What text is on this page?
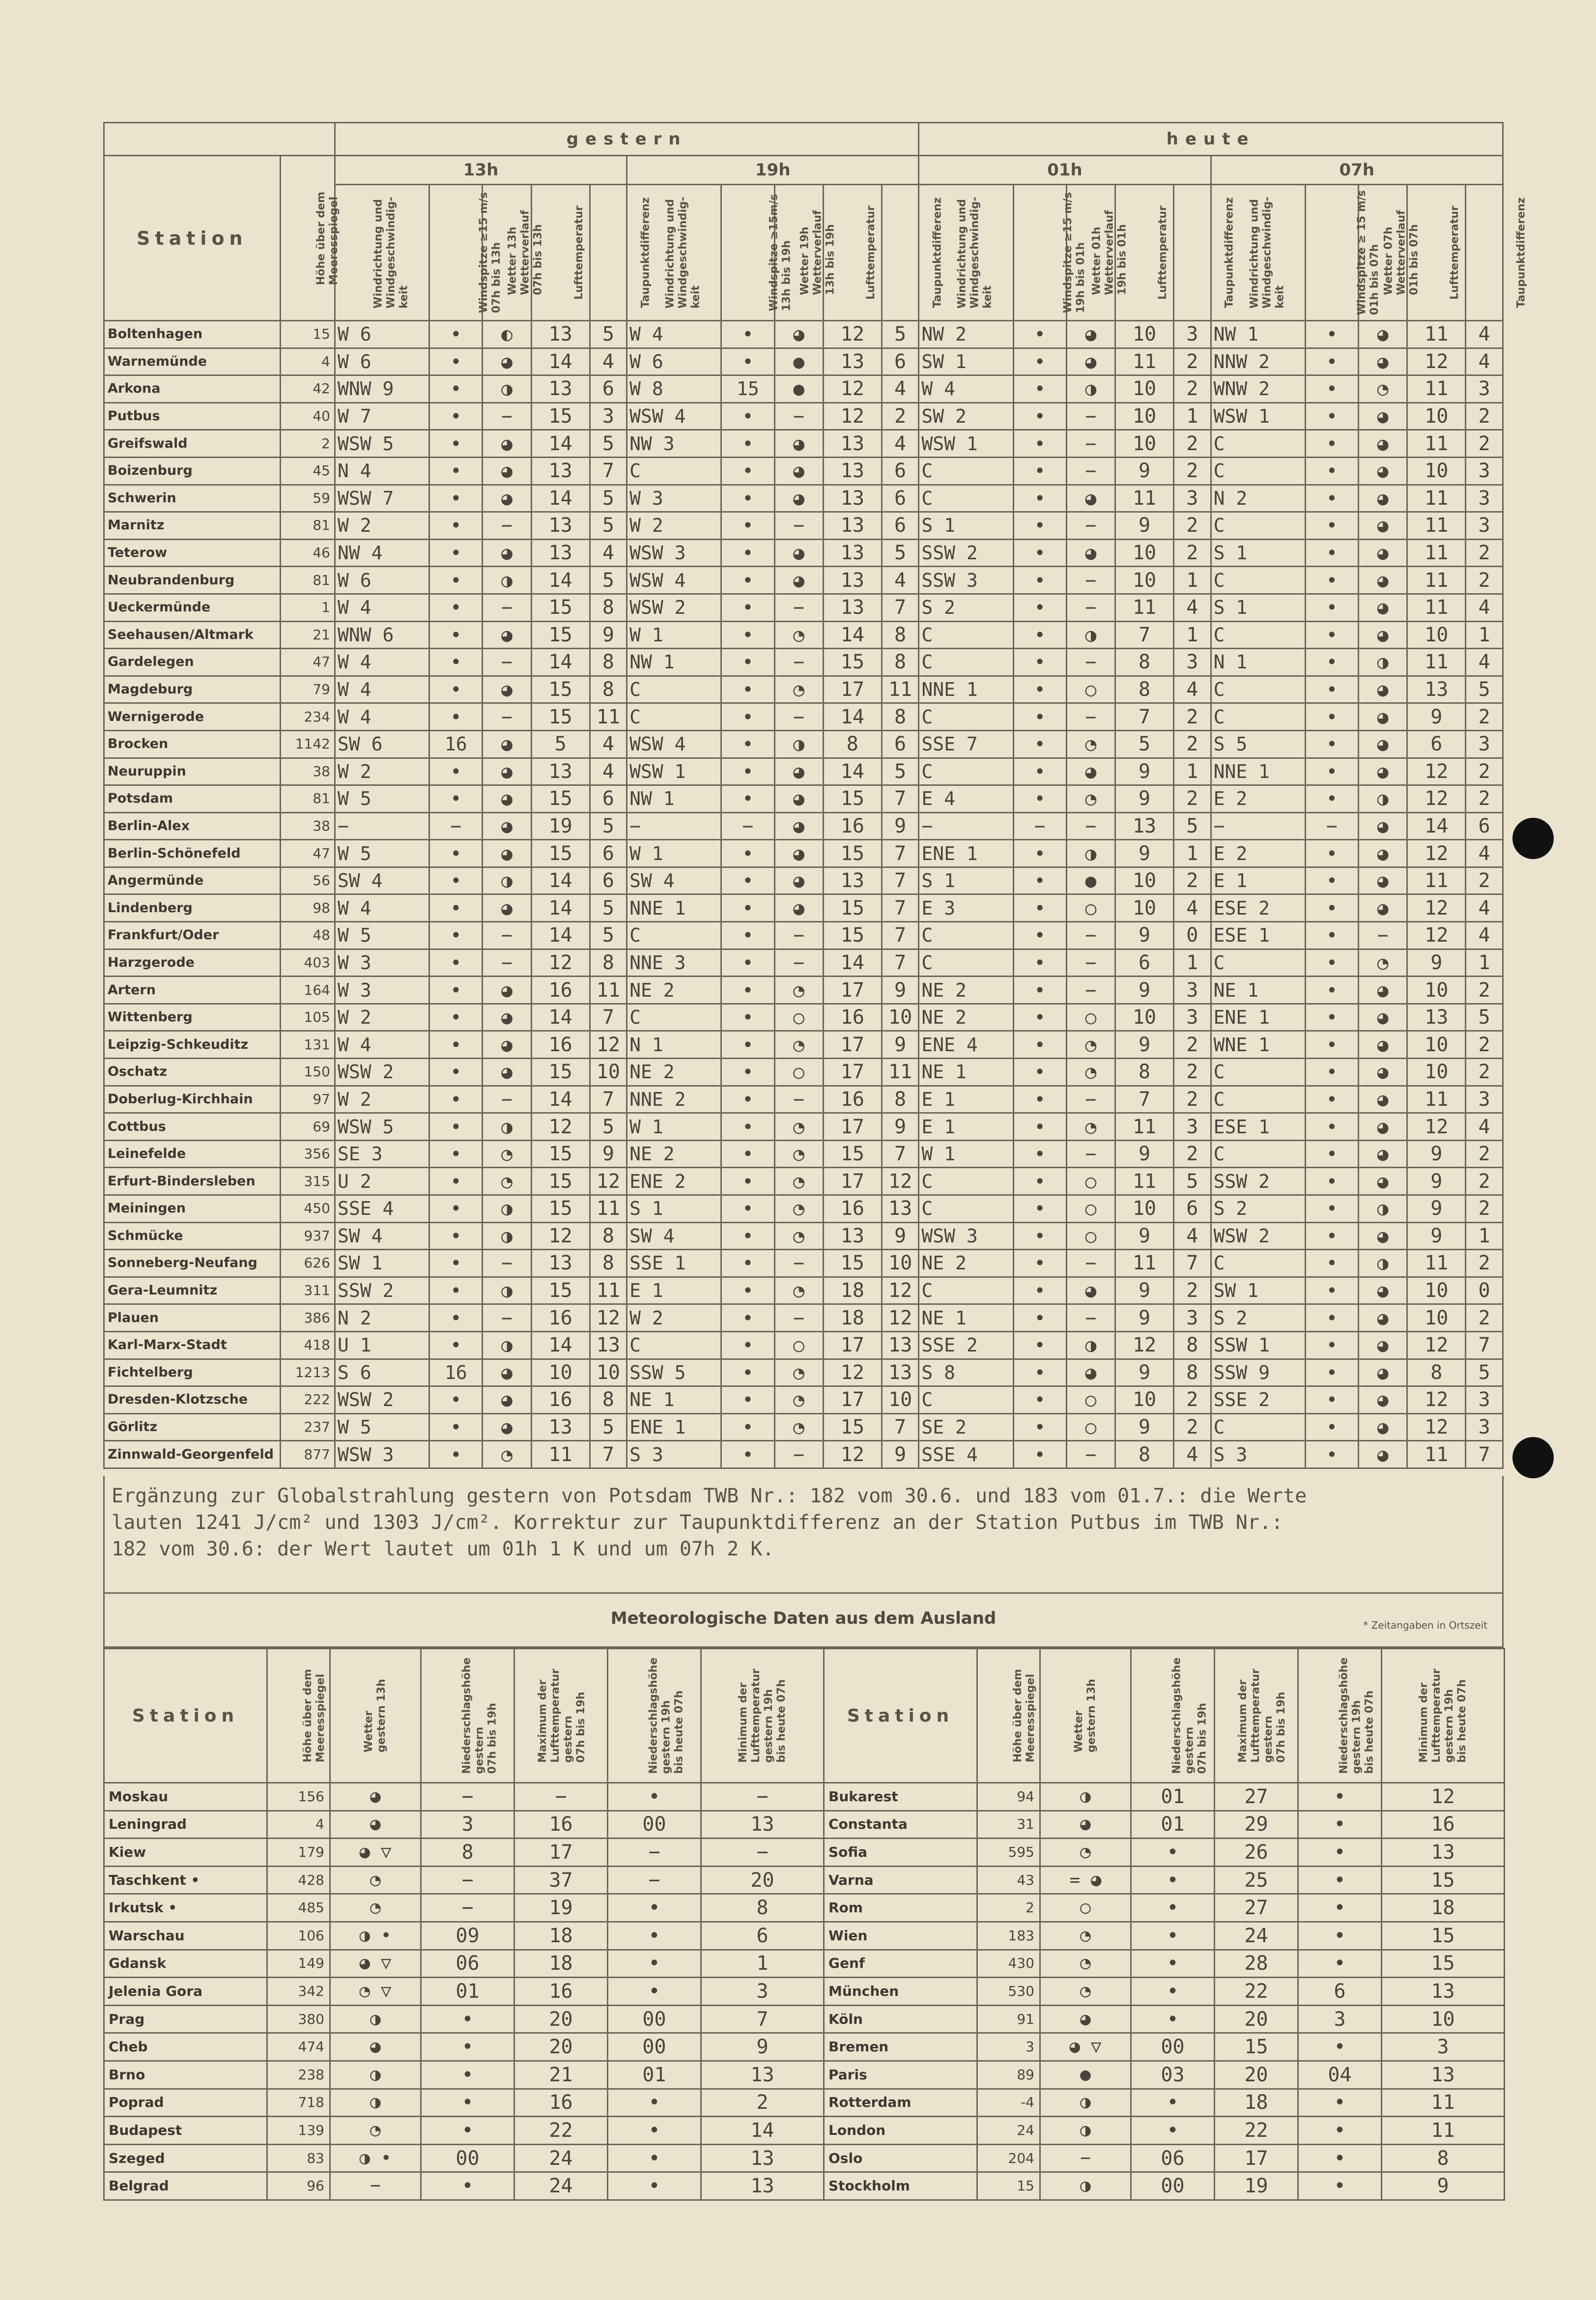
		gestern										heute									
Station	Höhe über dem
Meeresspiegel	13h					19h					01h					07h				
		Windrichtung und
Windgeschwindig-
keit	Windspitze ≥15 m/s
07h bis 13h	Wetter 13h
Wetterverlauf
07h bis 13h	Lufttemperatur	Taupunktdifferenz	Windrichtung und
Windgeschwindig-
keit	Windspitze ≥15m/s
13h bis 19h	Wetter 19h
Wetterverlauf
13h bis 19h	Lufttemperatur	Taupunktdifferenz	Windrichtung und
Windgeschwindig-
keit	Windspitze ≥15 m/s
19h bis 01h	Wetter 01h
Wetterverlauf
19h bis 01h	Lufttemperatur	Taupunktdifferenz	Windrichtung und
Windgeschwindig-
keit	Windspitze ≥ 15 m/s
01h bis 07h	Wetter 07h
Wetterverlauf
01h bis 07h	Lufttemperatur	Taupunktdifferenz
Boltenhagen	15	W 6	•	◐	13	5	W 4	•	◕	12	5	NW 2	•	◕	10	3	NW 1	•	◕	11	4
Warnemünde	4	W 6	•	◕	14	4	W 6	•	●	13	6	SW 1	•	◕	11	2	NNW 2	•	◕	12	4
Arkona	42	WNW 9	•	◑	13	6	W 8	15	●	12	4	W 4	•	◑	10	2	WNW 2	•	◔	11	3
Putbus	40	W 7	•	−	15	3	WSW 4	•	−	12	2	SW 2	•	−	10	1	WSW 1	•	◕	10	2
Greifswald	2	WSW 5	•	◕	14	5	NW 3	•	◕	13	4	WSW 1	•	−	10	2	C	•	◕	11	2
Boizenburg	45	N 4	•	◕	13	7	C	•	◕	13	6	C	•	−	9	2	C	•	◕	10	3
Schwerin	59	WSW 7	•	◕	14	5	W 3	•	◕	13	6	C	•	◕	11	3	N 2	•	◕	11	3
Marnitz	81	W 2	•	−	13	5	W 2	•	−	13	6	S 1	•	−	9	2	C	•	◕	11	3
Teterow	46	NW 4	•	◕	13	4	WSW 3	•	◕	13	5	SSW 2	•	◕	10	2	S 1	•	◕	11	2
Neubrandenburg	81	W 6	•	◑	14	5	WSW 4	•	◕	13	4	SSW 3	•	−	10	1	C	•	◕	11	2
Ueckermünde	1	W 4	•	−	15	8	WSW 2	•	−	13	7	S 2	•	−	11	4	S 1	•	◕	11	4
Seehausen/Altmark	21	WNW 6	•	◕	15	9	W 1	•	◔	14	8	C	•	◑	7	1	C	•	◕	10	1
Gardelegen	47	W 4	•	−	14	8	NW 1	•	−	15	8	C	•	−	8	3	N 1	•	◑	11	4
Magdeburg	79	W 4	•	◕	15	8	C	•	◔	17	11	NNE 1	•	○	8	4	C	•	◕	13	5
Wernigerode	234	W 4	•	−	15	11	C	•	−	14	8	C	•	−	7	2	C	•	◕	9	2
Brocken	1142	SW 6	16	◕	5	4	WSW 4	•	◑	8	6	SSE 7	•	◔	5	2	S 5	•	◕	6	3
Neuruppin	38	W 2	•	◕	13	4	WSW 1	•	◕	14	5	C	•	◕	9	1	NNE 1	•	◕	12	2
Potsdam	81	W 5	•	◕	15	6	NW 1	•	◕	15	7	E 4	•	◔	9	2	E 2	•	◑	12	2
Berlin-Alex	38	−	−	◕	19	5	−	−	◕	16	9	−	−	−	13	5	−	−	◕	14	6
Berlin-Schönefeld	47	W 5	•	◕	15	6	W 1	•	◕	15	7	ENE 1	•	◑	9	1	E 2	•	◕	12	4
Angermünde	56	SW 4	•	◑	14	6	SW 4	•	◕	13	7	S 1	•	●	10	2	E 1	•	◕	11	2
Lindenberg	98	W 4	•	◕	14	5	NNE 1	•	◕	15	7	E 3	•	○	10	4	ESE 2	•	◕	12	4
Frankfurt/Oder	48	W 5	•	−	14	5	C	•	−	15	7	C	•	−	9	0	ESE 1	•	−	12	4
Harzgerode	403	W 3	•	−	12	8	NNE 3	•	−	14	7	C	•	−	6	1	C	•	◔	9	1
Artern	164	W 3	•	◕	16	11	NE 2	•	◔	17	9	NE 2	•	−	9	3	NE 1	•	◕	10	2
Wittenberg	105	W 2	•	◕	14	7	C	•	○	16	10	NE 2	•	○	10	3	ENE 1	•	◕	13	5
Leipzig-Schkeuditz	131	W 4	•	◕	16	12	N 1	•	◔	17	9	ENE 4	•	◔	9	2	WNE 1	•	◕	10	2
Oschatz	150	WSW 2	•	◕	15	10	NE 2	•	○	17	11	NE 1	•	◔	8	2	C	•	◕	10	2
Doberlug-Kirchhain	97	W 2	•	−	14	7	NNE 2	•	−	16	8	E 1	•	−	7	2	C	•	◕	11	3
Cottbus	69	WSW 5	•	◑	12	5	W 1	•	◔	17	9	E 1	•	◔	11	3	ESE 1	•	◕	12	4
Leinefelde	356	SE 3	•	◔	15	9	NE 2	•	◔	15	7	W 1	•	−	9	2	C	•	◕	9	2
Erfurt-Bindersleben	315	U 2	•	◔	15	12	ENE 2	•	◔	17	12	C	•	○	11	5	SSW 2	•	◕	9	2
Meiningen	450	SSE 4	•	◑	15	11	S 1	•	◔	16	13	C	•	○	10	6	S 2	•	◑	9	2
Schmücke	937	SW 4	•	◑	12	8	SW 4	•	◔	13	9	WSW 3	•	○	9	4	WSW 2	•	◕	9	1
Sonneberg-Neufang	626	SW 1	•	−	13	8	SSE 1	•	−	15	10	NE 2	•	−	11	7	C	•	◑	11	2
Gera-Leumnitz	311	SSW 2	•	◑	15	11	E 1	•	◔	18	12	C	•	◕	9	2	SW 1	•	◕	10	0
Plauen	386	N 2	•	−	16	12	W 2	•	−	18	12	NE 1	•	−	9	3	S 2	•	◕	10	2
Karl-Marx-Stadt	418	U 1	•	◑	14	13	C	•	○	17	13	SSE 2	•	◑	12	8	SSW 1	•	◕	12	7
Fichtelberg	1213	S 6	16	◕	10	10	SSW 5	•	◔	12	13	S 8	•	◕	9	8	SSW 9	•	◕	8	5
Dresden-Klotzsche	222	WSW 2	•	◕	16	8	NE 1	•	◔	17	10	C	•	○	10	2	SSE 2	•	◕	12	3
Görlitz	237	W 5	•	◕	13	5	ENE 1	•	◔	15	7	SE 2	•	○	9	2	C	•	◕	12	3
Zinnwald-Georgenfeld	877	WSW 3	•	◔	11	7	S 3	•	−	12	9	SSE 4	•	−	8	4	S 3	•	◕	11	7
Ergänzung zur Globalstrahlung gestern von Potsdam TWB Nr.: 182 vom 30.6. und 183 vom 01.7.: die Werte
lauten 1241 J/cm² und 1303 J/cm². Korrektur zur Taupunktdifferenz an der Station Putbus im TWB Nr.:
182 vom 30.6: der Wert lautet um 01h 1 K und um 07h 2 K.
Meteorologische Daten aus dem Ausland	* Zeitangaben in Ortszeit
Station	Höhe über dem
Meeresspiegel	Wetter
gestern 13h	Niederschlagshöhe
gestern
07h bis 19h	Maximum der
Lufttemperatur
gestern
07h bis 19h	Niederschlagshöhe
gestern 19h
bis heute 07h	Minimum der
Lufttemperatur
gestern 19h
bis heute 07h
Moskau	156	◕	−	−	•	−
Leningrad	4	◕	3	16	00	13
Kiew	179	◕ ▽	8	17	−	−
Taschkent •	428	◔	−	37	−	20
Irkutsk •	485	◔	−	19	•	8
Warschau	106	◑ •	09	18	•	6
Gdansk	149	◕ ▽	06	18	•	1
Jelenia Gora	342	◔ ▽	01	16	•	3
Prag	380	◑	•	20	00	7
Cheb	474	◕	•	20	00	9
Brno	238	◑	•	21	01	13
Poprad	718	◑	•	16	•	2
Budapest	139	◔	•	22	•	14
Szeged	83	◑ •	00	24	•	13
Belgrad	96	−	•	24	•	13
Station	Höhe über dem
Meeresspiegel	Wetter
gestern 13h	Niederschlagshöhe
gestern
07h bis 19h	Maximum der
Lufttemperatur
gestern
07h bis 19h	Niederschlagshöhe
gestern 19h
bis heute 07h	Minimum der
Lufttemperatur
gestern 19h
bis heute 07h
Bukarest	94	◑	01	27	•	12
Constanta	31	◕	01	29	•	16
Sofia	595	◔	•	26	•	13
Varna	43	= ◕	•	25	•	15
Rom	2	○	•	27	•	18
Wien	183	◔	•	24	•	15
Genf	430	◔	•	28	•	15
München	530	◔	•	22	6	13
Köln	91	◕	•	20	3	10
Bremen	3	◕ ▽	00	15	•	3
Paris	89	●	03	20	04	13
Rotterdam	-4	◑	•	18	•	11
London	24	◑	•	22	•	11
Oslo	204	−	06	17	•	8
Stockholm	15	◑	00	19	•	9
